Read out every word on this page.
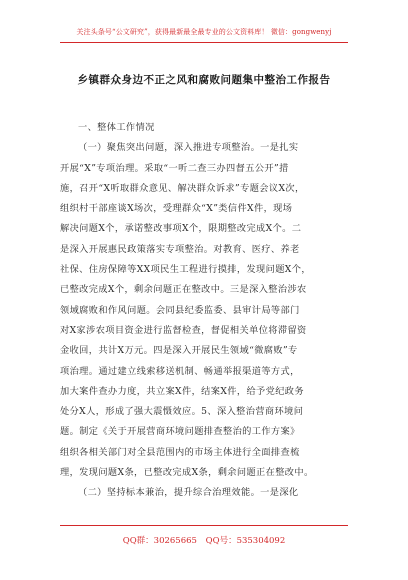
关注头条号“公文研究”，获得最新最全最专业的公文资料库！ 微信：gongwenyj
乡镇群众身边不正之风和腐败问题集中整治工作报告
一、整体工作情况
（一）聚焦突出问题，深入推进专项整治。一是扎实
开展“X”专项治理。采取“一听二查三办四督五公开”措
施，召开“X听取群众意见、解决群众诉求”专题会议X次，
组织村干部座谈X场次，受理群众“X”类信件X件，现场
解决问题X个，承诺整改事项X个，限期整改完成X个。二
是深入开展惠民政策落实专项整治。对教育、医疗、养老
社保、住房保障等XX项民生工程进行摸排，发现问题X个，
已整改完成X个，剩余问题正在整改中。三是深入整治涉农
领域腐败和作风问题。会同县纪委监委、县审计局等部门
对X家涉农项目资金进行监督检查，督促相关单位将滞留资
金收回，共计X万元。四是深入开展民生领域“微腐败”专
项治理。通过建立线索移送机制、畅通举报渠道等方式，
加大案件查办力度，共立案X件，结案X件，给予党纪政务
处分X人，形成了强大震慑效应。5、深入整治营商环境问
题。制定《关于开展营商环境问题排查整治的工作方案》
组织各相关部门对全县范围内的市场主体进行全面排查梳
理，发现问题X条，已整改完成X条，剩余问题正在整改中。
（二）坚持标本兼治，提升综合治理效能。一是深化
QQ群：30265665 QQ号：535304092
